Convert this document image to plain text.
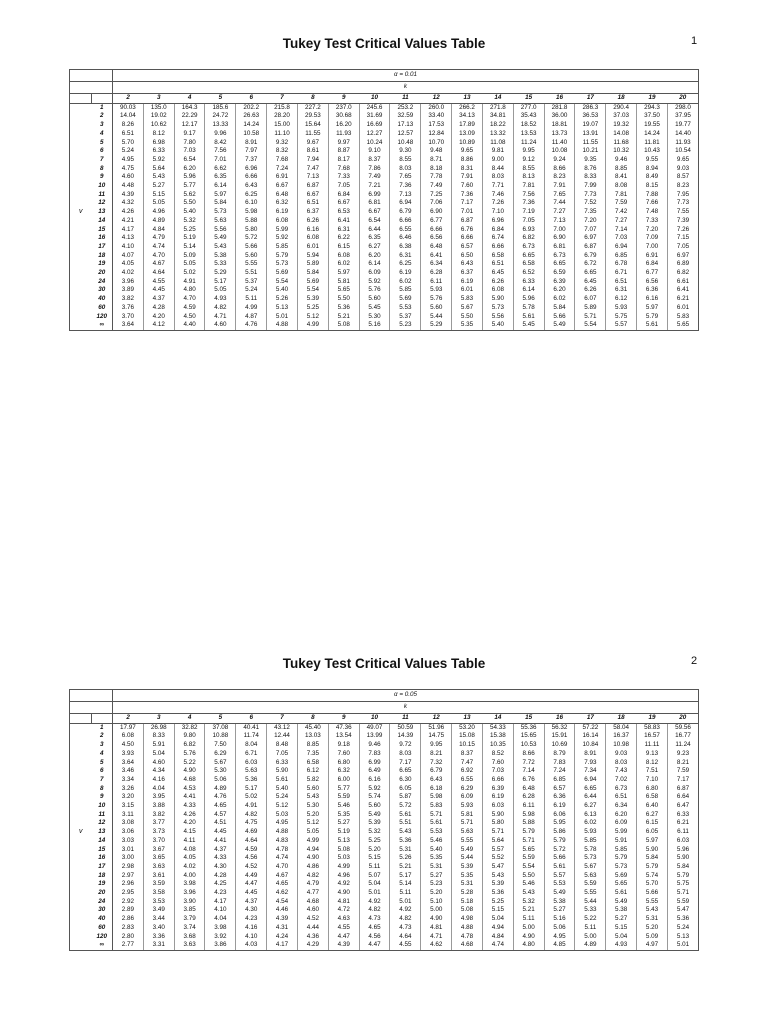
Tukey Test Critical Values Table	1
		α = 0.01																		
		k																		
		2	3	4	5	6	7	8	9	10	11	12	13	14	15	16	17	18	19	20
	1	90.03	135.0	164.3	185.6	202.2	215.8	227.2	237.0	245.6	253.2	260.0	266.2	271.8	277.0	281.8	286.3	290.4	294.3	298.0
	2	14.04	19.02	22.29	24.72	26.63	28.20	29.53	30.68	31.69	32.59	33.40	34.13	34.81	35.43	36.00	36.53	37.03	37.50	37.95
	3	8.26	10.62	12.17	13.33	14.24	15.00	15.64	16.20	16.69	17.13	17.53	17.89	18.22	18.52	18.81	19.07	19.32	19.55	19.77
	4	6.51	8.12	9.17	9.96	10.58	11.10	11.55	11.93	12.27	12.57	12.84	13.09	13.32	13.53	13.73	13.91	14.08	14.24	14.40
	5	5.70	6.98	7.80	8.42	8.91	9.32	9.67	9.97	10.24	10.48	10.70	10.89	11.08	11.24	11.40	11.55	11.68	11.81	11.93
	6	5.24	6.33	7.03	7.56	7.97	8.32	8.61	8.87	9.10	9.30	9.48	9.65	9.81	9.95	10.08	10.21	10.32	10.43	10.54
	7	4.95	5.92	6.54	7.01	7.37	7.68	7.94	8.17	8.37	8.55	8.71	8.86	9.00	9.12	9.24	9.35	9.46	9.55	9.65
	8	4.75	5.64	6.20	6.62	6.96	7.24	7.47	7.68	7.86	8.03	8.18	8.31	8.44	8.55	8.66	8.76	8.85	8.94	9.03
	9	4.60	5.43	5.96	6.35	6.66	6.91	7.13	7.33	7.49	7.65	7.78	7.91	8.03	8.13	8.23	8.33	8.41	8.49	8.57
	10	4.48	5.27	5.77	6.14	6.43	6.67	6.87	7.05	7.21	7.36	7.49	7.60	7.71	7.81	7.91	7.99	8.08	8.15	8.23
	11	4.39	5.15	5.62	5.97	6.25	6.48	6.67	6.84	6.99	7.13	7.25	7.36	7.46	7.56	7.65	7.73	7.81	7.88	7.95
	12	4.32	5.05	5.50	5.84	6.10	6.32	6.51	6.67	6.81	6.94	7.06	7.17	7.26	7.36	7.44	7.52	7.59	7.66	7.73
v	13	4.26	4.96	5.40	5.73	5.98	6.19	6.37	6.53	6.67	6.79	6.90	7.01	7.10	7.19	7.27	7.35	7.42	7.48	7.55
	14	4.21	4.89	5.32	5.63	5.88	6.08	6.26	6.41	6.54	6.66	6.77	6.87	6.96	7.05	7.13	7.20	7.27	7.33	7.39
	15	4.17	4.84	5.25	5.56	5.80	5.99	6.16	6.31	6.44	6.55	6.66	6.76	6.84	6.93	7.00	7.07	7.14	7.20	7.26
	16	4.13	4.79	5.19	5.49	5.72	5.92	6.08	6.22	6.35	6.46	6.56	6.66	6.74	6.82	6.90	6.97	7.03	7.09	7.15
	17	4.10	4.74	5.14	5.43	5.66	5.85	6.01	6.15	6.27	6.38	6.48	6.57	6.66	6.73	6.81	6.87	6.94	7.00	7.05
	18	4.07	4.70	5.09	5.38	5.60	5.79	5.94	6.08	6.20	6.31	6.41	6.50	6.58	6.65	6.73	6.79	6.85	6.91	6.97
	19	4.05	4.67	5.05	5.33	5.55	5.73	5.89	6.02	6.14	6.25	6.34	6.43	6.51	6.58	6.65	6.72	6.78	6.84	6.89
	20	4.02	4.64	5.02	5.29	5.51	5.69	5.84	5.97	6.09	6.19	6.28	6.37	6.45	6.52	6.59	6.65	6.71	6.77	6.82
	24	3.96	4.55	4.91	5.17	5.37	5.54	5.69	5.81	5.92	6.02	6.11	6.19	6.26	6.33	6.39	6.45	6.51	6.56	6.61
	30	3.89	4.45	4.80	5.05	5.24	5.40	5.54	5.65	5.76	5.85	5.93	6.01	6.08	6.14	6.20	6.26	6.31	6.36	6.41
	40	3.82	4.37	4.70	4.93	5.11	5.26	5.39	5.50	5.60	5.69	5.76	5.83	5.90	5.96	6.02	6.07	6.12	6.16	6.21
	60	3.76	4.28	4.59	4.82	4.99	5.13	5.25	5.36	5.45	5.53	5.60	5.67	5.73	5.78	5.84	5.89	5.93	5.97	6.01
	120	3.70	4.20	4.50	4.71	4.87	5.01	5.12	5.21	5.30	5.37	5.44	5.50	5.56	5.61	5.66	5.71	5.75	5.79	5.83
	∞	3.64	4.12	4.40	4.60	4.76	4.88	4.99	5.08	5.16	5.23	5.29	5.35	5.40	5.45	5.49	5.54	5.57	5.61	5.65
Tukey Test Critical Values Table	2
		α = 0.05																		
		k																		
		2	3	4	5	6	7	8	9	10	11	12	13	14	15	16	17	18	19	20
	1	17.97	26.98	32.82	37.08	40.41	43.12	45.40	47.36	49.07	50.59	51.96	53.20	54.33	55.36	56.32	57.22	58.04	58.83	59.56
	2	6.08	8.33	9.80	10.88	11.74	12.44	13.03	13.54	13.99	14.39	14.75	15.08	15.38	15.65	15.91	16.14	16.37	16.57	16.77
	3	4.50	5.91	6.82	7.50	8.04	8.48	8.85	9.18	9.46	9.72	9.95	10.15	10.35	10.53	10.69	10.84	10.98	11.11	11.24
	4	3.93	5.04	5.76	6.29	6.71	7.05	7.35	7.60	7.83	8.03	8.21	8.37	8.52	8.66	8.79	8.91	9.03	9.13	9.23
	5	3.64	4.60	5.22	5.67	6.03	6.33	6.58	6.80	6.99	7.17	7.32	7.47	7.60	7.72	7.83	7.93	8.03	8.12	8.21
	6	3.46	4.34	4.90	5.30	5.63	5.90	6.12	6.32	6.49	6.65	6.79	6.92	7.03	7.14	7.24	7.34	7.43	7.51	7.59
	7	3.34	4.16	4.68	5.06	5.36	5.61	5.82	6.00	6.16	6.30	6.43	6.55	6.66	6.76	6.85	6.94	7.02	7.10	7.17
	8	3.26	4.04	4.53	4.89	5.17	5.40	5.60	5.77	5.92	6.05	6.18	6.29	6.39	6.48	6.57	6.65	6.73	6.80	6.87
	9	3.20	3.95	4.41	4.76	5.02	5.24	5.43	5.59	5.74	5.87	5.98	6.09	6.19	6.28	6.36	6.44	6.51	6.58	6.64
	10	3.15	3.88	4.33	4.65	4.91	5.12	5.30	5.46	5.60	5.72	5.83	5.93	6.03	6.11	6.19	6.27	6.34	6.40	6.47
	11	3.11	3.82	4.26	4.57	4.82	5.03	5.20	5.35	5.49	5.61	5.71	5.81	5.90	5.98	6.06	6.13	6.20	6.27	6.33
	12	3.08	3.77	4.20	4.51	4.75	4.95	5.12	5.27	5.39	5.51	5.61	5.71	5.80	5.88	5.95	6.02	6.09	6.15	6.21
v	13	3.06	3.73	4.15	4.45	4.69	4.88	5.05	5.19	5.32	5.43	5.53	5.63	5.71	5.79	5.86	5.93	5.99	6.05	6.11
	14	3.03	3.70	4.11	4.41	4.64	4.83	4.99	5.13	5.25	5.36	5.46	5.55	5.64	5.71	5.79	5.85	5.91	5.97	6.03
	15	3.01	3.67	4.08	4.37	4.59	4.78	4.94	5.08	5.20	5.31	5.40	5.49	5.57	5.65	5.72	5.78	5.85	5.90	5.96
	16	3.00	3.65	4.05	4.33	4.56	4.74	4.90	5.03	5.15	5.26	5.35	5.44	5.52	5.59	5.66	5.73	5.79	5.84	5.90
	17	2.98	3.63	4.02	4.30	4.52	4.70	4.86	4.99	5.11	5.21	5.31	5.39	5.47	5.54	5.61	5.67	5.73	5.79	5.84
	18	2.97	3.61	4.00	4.28	4.49	4.67	4.82	4.96	5.07	5.17	5.27	5.35	5.43	5.50	5.57	5.63	5.69	5.74	5.79
	19	2.96	3.59	3.98	4.25	4.47	4.65	4.79	4.92	5.04	5.14	5.23	5.31	5.39	5.46	5.53	5.59	5.65	5.70	5.75
	20	2.95	3.58	3.96	4.23	4.45	4.62	4.77	4.90	5.01	5.11	5.20	5.28	5.36	5.43	5.49	5.55	5.61	5.66	5.71
	24	2.92	3.53	3.90	4.17	4.37	4.54	4.68	4.81	4.92	5.01	5.10	5.18	5.25	5.32	5.38	5.44	5.49	5.55	5.59
	30	2.89	3.49	3.85	4.10	4.30	4.46	4.60	4.72	4.82	4.92	5.00	5.08	5.15	5.21	5.27	5.33	5.38	5.43	5.47
	40	2.86	3.44	3.79	4.04	4.23	4.39	4.52	4.63	4.73	4.82	4.90	4.98	5.04	5.11	5.16	5.22	5.27	5.31	5.36
	60	2.83	3.40	3.74	3.98	4.16	4.31	4.44	4.55	4.65	4.73	4.81	4.88	4.94	5.00	5.06	5.11	5.15	5.20	5.24
	120	2.80	3.36	3.68	3.92	4.10	4.24	4.36	4.47	4.56	4.64	4.71	4.78	4.84	4.90	4.95	5.00	5.04	5.09	5.13
	∞	2.77	3.31	3.63	3.86	4.03	4.17	4.29	4.39	4.47	4.55	4.62	4.68	4.74	4.80	4.85	4.89	4.93	4.97	5.01
